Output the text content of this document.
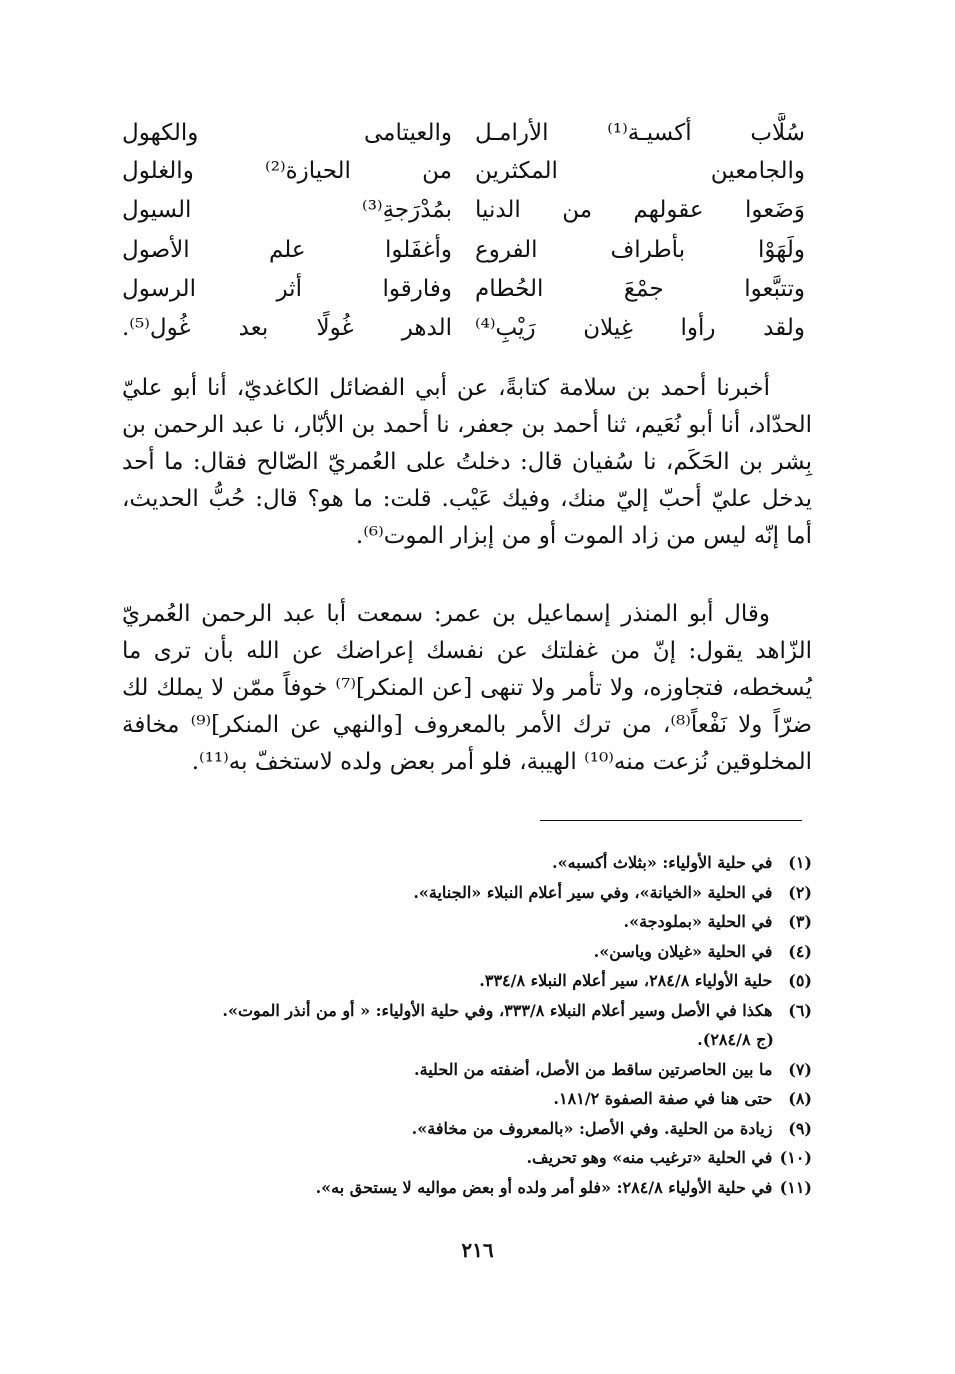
سُلَّاب أكسيـة⁽¹⁾ الأرامـل
والعيتامى والكهول
والجامعين المكثرين
من الحيازة⁽²⁾ والغلول
وَضَعوا عقولهم من الدنيا
بمُدْرَجةِ⁽³⁾ السيول
ولَهَوْا بأطراف الفروع
وأغفَلوا علم الأصول
وتتبَّعوا جمْعَ الحُطام
وفارقوا أثر الرسول
ولقد رأوا غِيلان رَيْبِ⁽⁴⁾
الدهر غُولًا بعد غُول⁽⁵⁾.

أخبرنا أحمد بن سلامة كتابةً، عن أبي الفضائل الكاغديّ، أنا أبو عليّ الحدّاد، أنا أبو نُعَيم، ثنا أحمد بن جعفر، نا أحمد بن الأبّار، نا عبد الرحمن بن بِشر بن الحَكَم، نا سُفيان قال: دخلتُ على العُمريّ الصّالح فقال: ما أحد يدخل عليّ أحبّ إليّ منك، وفيك عَيْب. قلت: ما هو؟ قال: حُبُّ الحديث، أما إنّه ليس من زاد الموت أو من إبزار الموت⁽⁶⁾.

وقال أبو المنذر إسماعيل بن عمر: سمعت أبا عبد الرحمن العُمريّ الزّاهد يقول: إنّ من غفلتك عن نفسك إعراضك عن الله بأن ترى ما يُسخطه، فتجاوزه، ولا تأمر ولا تنهى [عن المنكر]⁽⁷⁾ خوفاً ممّن لا يملك لك ضرّاً ولا نَفْعاً⁽⁸⁾، من ترك الأمر بالمعروف [والنهي عن المنكر]⁽⁹⁾ مخافة المخلوقين نُزعت منه⁽¹⁰⁾ الهيبة، فلو أمر بعض ولده لاستخفّ به⁽¹¹⁾.

(١) في حلية الأولياء: «بثلاث أكسبه».
(٢) في الحلية «الخيانة»، وفي سير أعلام النبلاء «الجناية».
(٣) في الحلية «بملودجة».
(٤) في الحلية «غيلان وياسن».
(٥) حلية الأولياء ٢٨٤/٨، سير أعلام النبلاء ٣٣٤/٨.
(٦) هكذا في الأصل وسير أعلام النبلاء ٣٣٣/٨، وفي حلية الأولياء: « أو من أنذر الموت».
(ج ٢٨٤/٨).
(٧) ما بين الحاصرتين ساقط من الأصل، أضفته من الحلية.
(٨) حتى هنا في صفة الصفوة ١٨١/٢.
(٩) زيادة من الحلية. وفي الأصل: «بالمعروف من مخافة».
(١٠) في الحلية «ترغيب منه» وهو تحريف.
(١١) في حلية الأولياء ٢٨٤/٨: «فلو أمر ولده أو بعض مواليه لا يستحق به».
٢١٦
